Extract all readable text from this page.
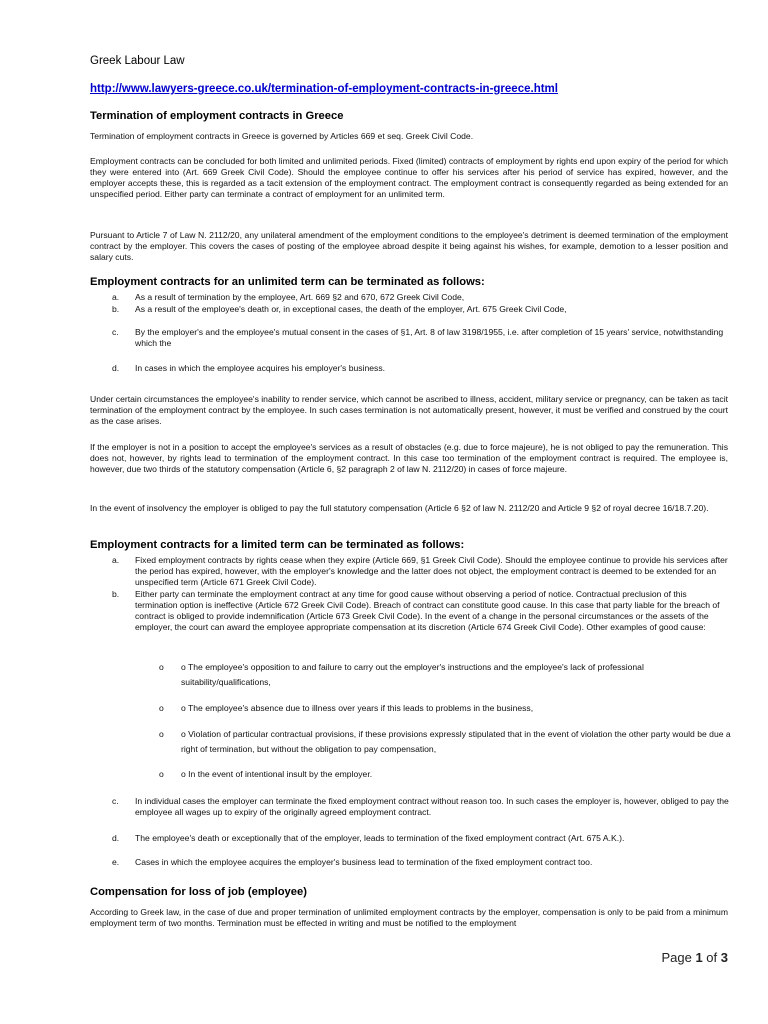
Greek Labour Law
http://www.lawyers-greece.co.uk/termination-of-employment-contracts-in-greece.html
Termination of employment contracts in Greece

Termination of employment contracts in Greece is governed by Articles 669 et seq. Greek Civil Code.

Employment contracts can be concluded for both limited and unlimited periods. Fixed (limited) contracts of employment by rights end upon expiry of the period for which they were entered into (Art. 669 Greek Civil Code). Should the employee continue to offer his services after his period of service has expired, however, and the employer accepts these, this is regarded as a tacit extension of the employment contract. The employment contract is consequently regarded as being extended for an unspecified period. Either party can terminate a contract of employment for an unlimited term.

Pursuant to Article 7 of Law N. 2112/20, any unilateral amendment of the employment conditions to the employee's detriment is deemed termination of the employment contract by the employer. This covers the cases of posting of the employee abroad despite it being against his wishes, for example, demotion to a lesser position and salary cuts.

Employment contracts for an unlimited term can be terminated as follows:
a. As a result of termination by the employee, Art. 669 §2 and 670, 672 Greek Civil Code,
b. As a result of the employee's death or, in exceptional cases, the death of the employer, Art. 675 Greek Civil Code,
c. By the employer's and the employee's mutual consent in the cases of §1, Art. 8 of law 3198/1955, i.e. after completion of 15 years' service, notwithstanding which the
d. In cases in which the employee acquires his employer's business.

Under certain circumstances the employee's inability to render service, which cannot be ascribed to illness, accident, military service or pregnancy, can be taken as tacit termination of the employment contract by the employee. In such cases termination is not automatically present, however, it must be verified and construed by the court as the case arises.

If the employer is not in a position to accept the employee's services as a result of obstacles (e.g. due to force majeure), he is not obliged to pay the remuneration. This does not, however, by rights lead to termination of the employment contract. In this case too termination of the employment contract is required. The employee is, however, due two thirds of the statutory compensation (Article 6, §2 paragraph 2 of law N. 2112/20) in cases of force majeure.

In the event of insolvency the employer is obliged to pay the full statutory compensation (Article 6 §2 of law N. 2112/20 and Article 9 §2 of royal decree 16/18.7.20).

Employment contracts for a limited term can be terminated as follows:
a. Fixed employment contracts by rights cease when they expire (Article 669, §1 Greek Civil Code). Should the employee continue to provide his services after the period has expired, however, with the employer's knowledge and the latter does not object, the employment contract is deemed to be extended for an unspecified term (Article 671 Greek Civil Code).
b. Either party can terminate the employment contract at any time for good cause without observing a period of notice. Contractual preclusion of this termination option is ineffective (Article 672 Greek Civil Code). Breach of contract can constitute good cause. In this case that party liable for the breach of contract is obliged to provide indemnification (Article 673 Greek Civil Code). In the event of a change in the personal circumstances or the assets of the employer, the court can award the employee appropriate compensation at its discretion (Article 674 Greek Civil Code). Other examples of good cause:
o o The employee's opposition to and failure to carry out the employer's instructions and the employee's lack of professional suitability/qualifications,
o o The employee's absence due to illness over years if this leads to problems in the business,
o o Violation of particular contractual provisions, if these provisions expressly stipulated that in the event of violation the other party would be due a right of termination, but without the obligation to pay compensation,
o o In the event of intentional insult by the employer.
c. In individual cases the employer can terminate the fixed employment contract without reason too. In such cases the employer is, however, obliged to pay the employee all wages up to expiry of the originally agreed employment contract.
d. The employee's death or exceptionally that of the employer, leads to termination of the fixed employment contract (Art. 675 A.K.).
e. Cases in which the employee acquires the employer's business lead to termination of the fixed employment contract too.
Compensation for loss of job (employee)

According to Greek law, in the case of due and proper termination of unlimited employment contracts by the employer, compensation is only to be paid from a minimum employment term of two months. Termination must be effected in writing and must be notified to the employment

Page 1 of 3
